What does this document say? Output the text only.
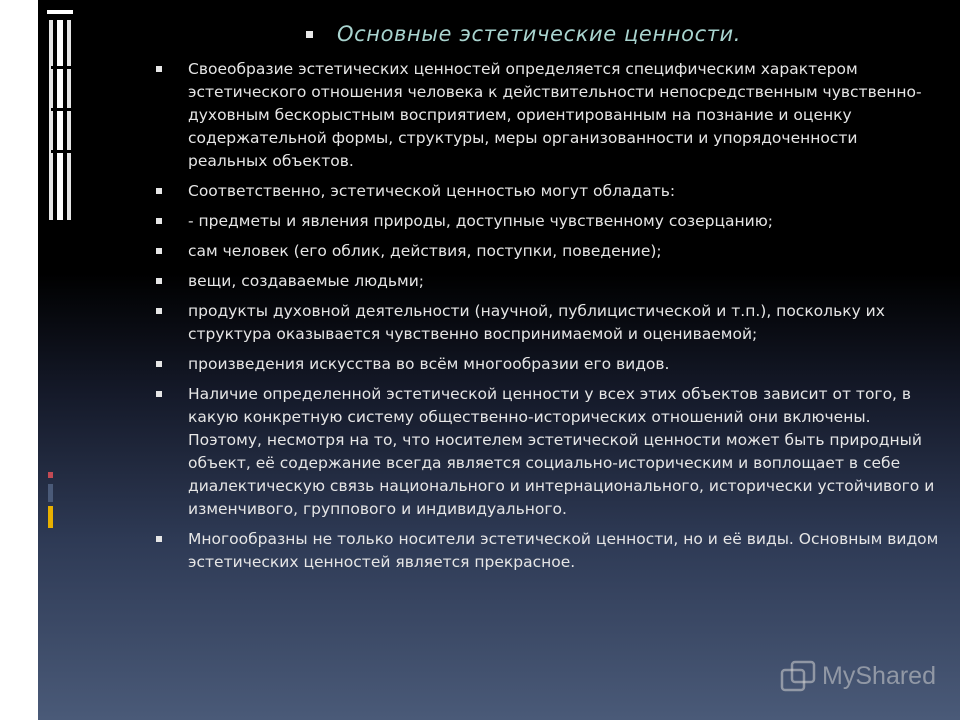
Основные эстетические ценности.
Своеобразие эстетических ценностей определяется специфическим характером эстетического отношения человека к действительности непосредственным чувственно-духовным бескорыстным восприятием, ориентированным на познание и оценку содержательной формы, структуры, меры организованности и упорядоченности реальных объектов.
Соответственно, эстетической ценностью могут обладать:
- предметы и явления природы, доступные чувственному созерцанию;
сам человек (его облик, действия, поступки, поведение);
вещи, создаваемые людьми;
продукты духовной деятельности (научной, публицистической и т.п.), поскольку их структура оказывается чувственно воспринимаемой и оцениваемой;
произведения искусства во всём многообразии его видов.
Наличие определенной эстетической ценности у всех этих объектов зависит от того, в какую конкретную систему общественно-исторических отношений они включены. Поэтому, несмотря на то, что носителем эстетической ценности может быть природный объект, её содержание всегда является социально-историческим и воплощает в себе диалектическую связь национального и интернационального, исторически устойчивого и изменчивого, группового и индивидуального.
Многообразны не только носители эстетической ценности, но и её виды. Основным видом эстетических ценностей является прекрасное.
MyShared
